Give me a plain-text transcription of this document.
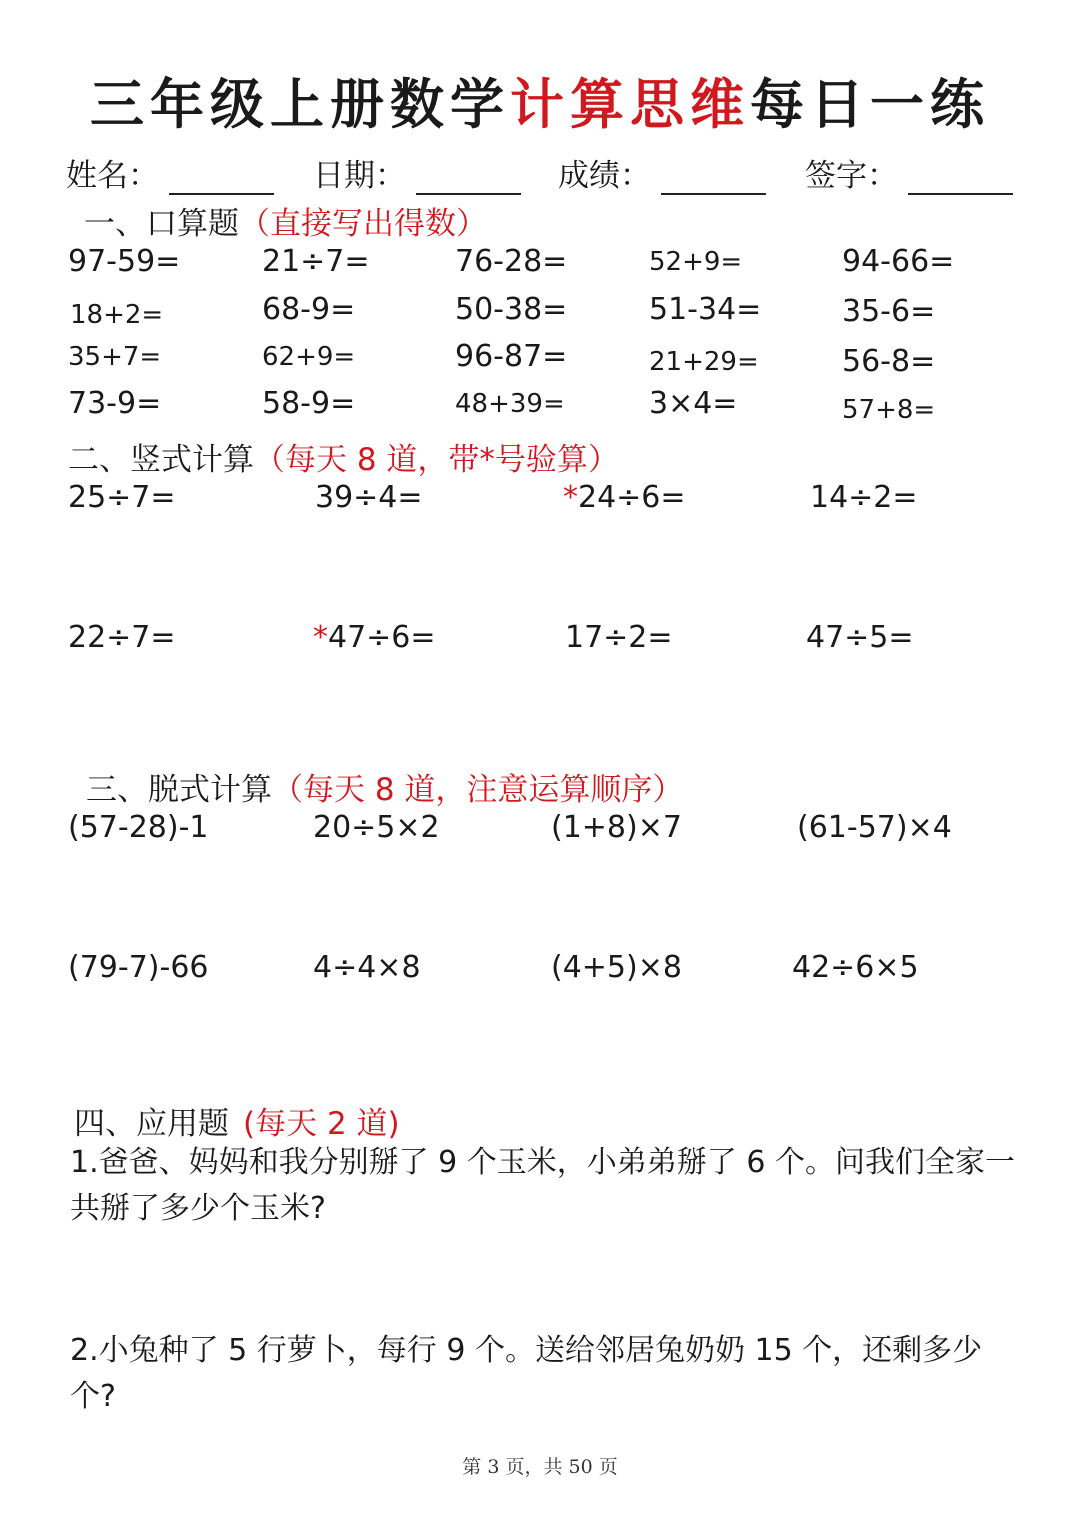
三年级上册数学计算思维每日一练
姓名：	日期：	成绩：	签字：
一、口算题（直接写出得数）
97-59=	21÷7=	76-28=	52+9=	94-66=
18+2=	68-9=	50-38=	51-34=	35-6=
35+7=	62+9=	96-87=	21+29=	56-8=
73-9=	58-9=	48+39=	3×4=	57+8=
二、竖式计算（每天 8 道，带*号验算）
25÷7=	39÷4=	*24÷6=	14÷2=
22÷7=	*47÷6=	17÷2=	47÷5=
三、脱式计算（每天 8 道，注意运算顺序）
(57-28)-1	20÷5×2	(1+8)×7	(61-57)×4
(79-7)-66	4÷4×8	(4+5)×8	42÷6×5
四、应用题 (每天 2 道)
1.爸爸、妈妈和我分别掰了 9 个玉米，小弟弟掰了 6 个。问我们全家一共掰了多少个玉米?
2.小兔种了 5 行萝卜，每行 9 个。送给邻居兔奶奶 15 个，还剩多少个?
第 3 页，共 50 页
